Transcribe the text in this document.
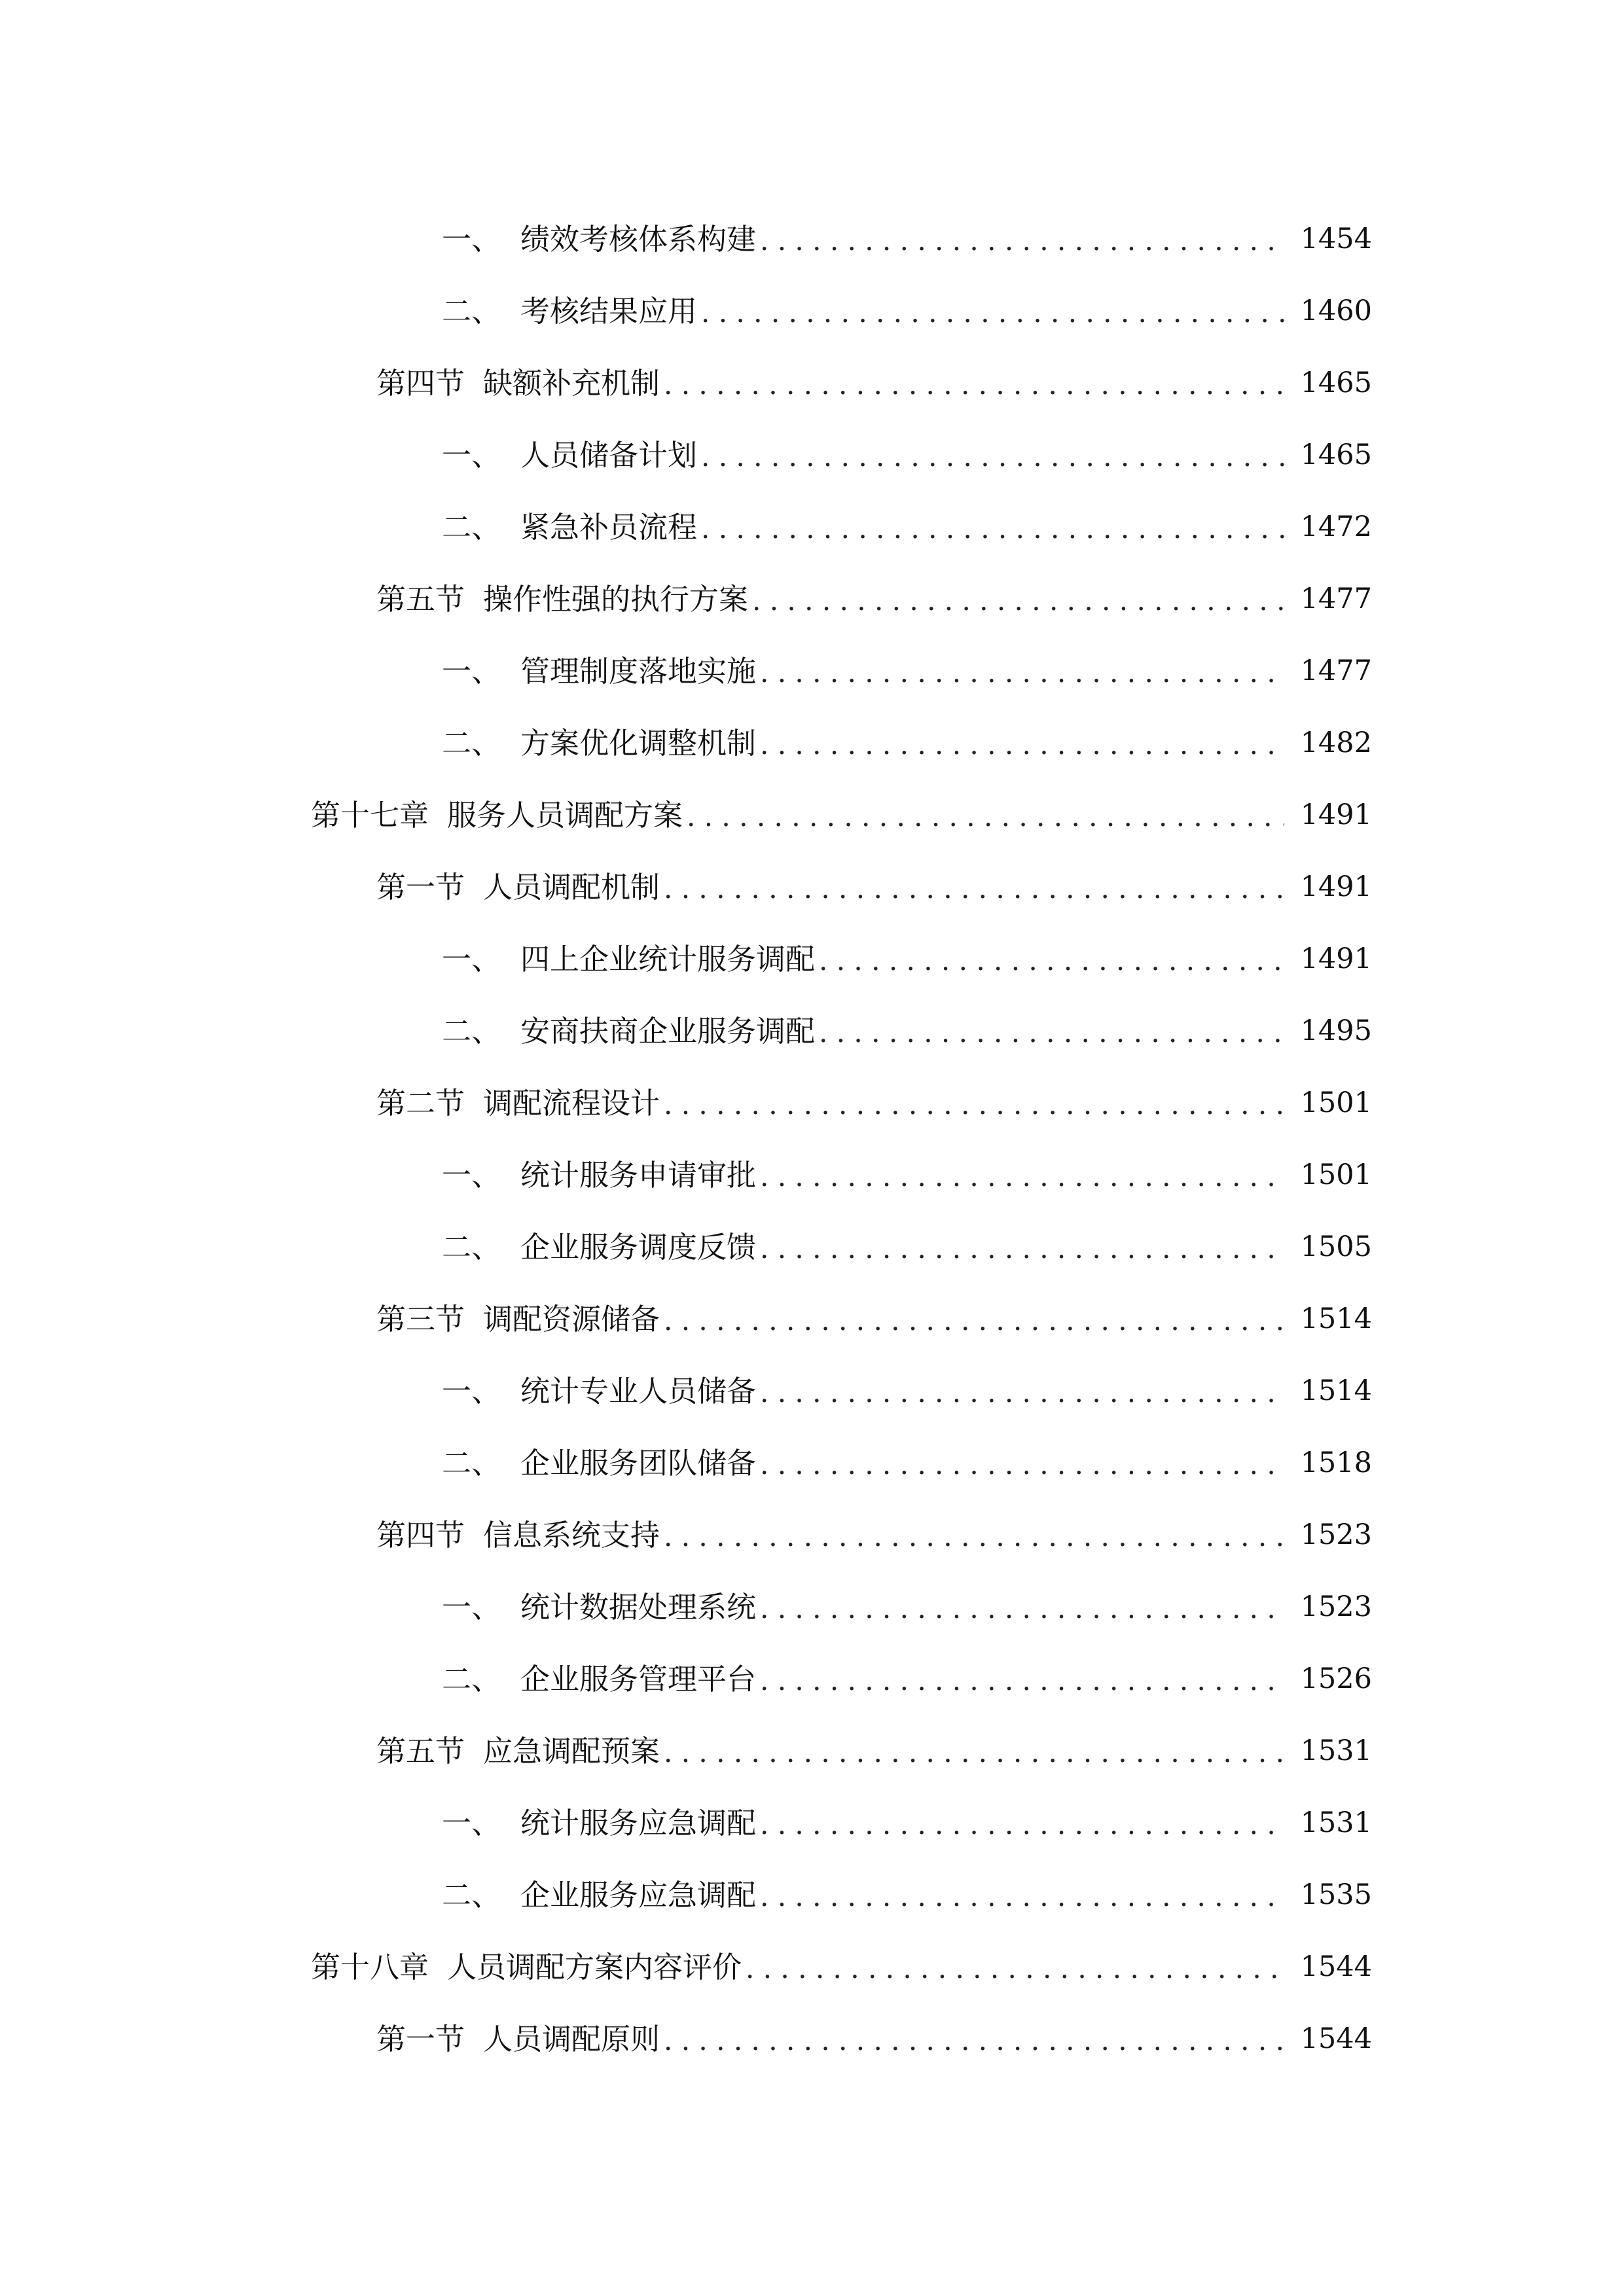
一、 绩效考核体系构建 . . .	1454
二、 考核结果应用 . . .	1460
第四节 缺额补充机制 . . .	1465
一、 人员储备计划 . . .	1465
二、 紧急补员流程 . . .	1472
第五节 操作性强的执行方案 . . .	1477
一、 管理制度落地实施 . . .	1477
二、 方案优化调整机制 . . .	1482
第十七章 服务人员调配方案 . . .	1491
第一节 人员调配机制 . . .	1491
一、 四上企业统计服务调配 . . .	1491
二、 安商扶商企业服务调配 . . .	1495
第二节 调配流程设计 . . .	1501
一、 统计服务申请审批 . . .	1501
二、 企业服务调度反馈 . . .	1505
第三节 调配资源储备 . . .	1514
一、 统计专业人员储备 . . .	1514
二、 企业服务团队储备 . . .	1518
第四节 信息系统支持 . . .	1523
一、 统计数据处理系统 . . .	1523
二、 企业服务管理平台 . . .	1526
第五节 应急调配预案 . . .	1531
一、 统计服务应急调配 . . .	1531
二、 企业服务应急调配 . . .	1535
第十八章 人员调配方案内容评价 . . .	1544
第一节 人员调配原则 . . .	1544
